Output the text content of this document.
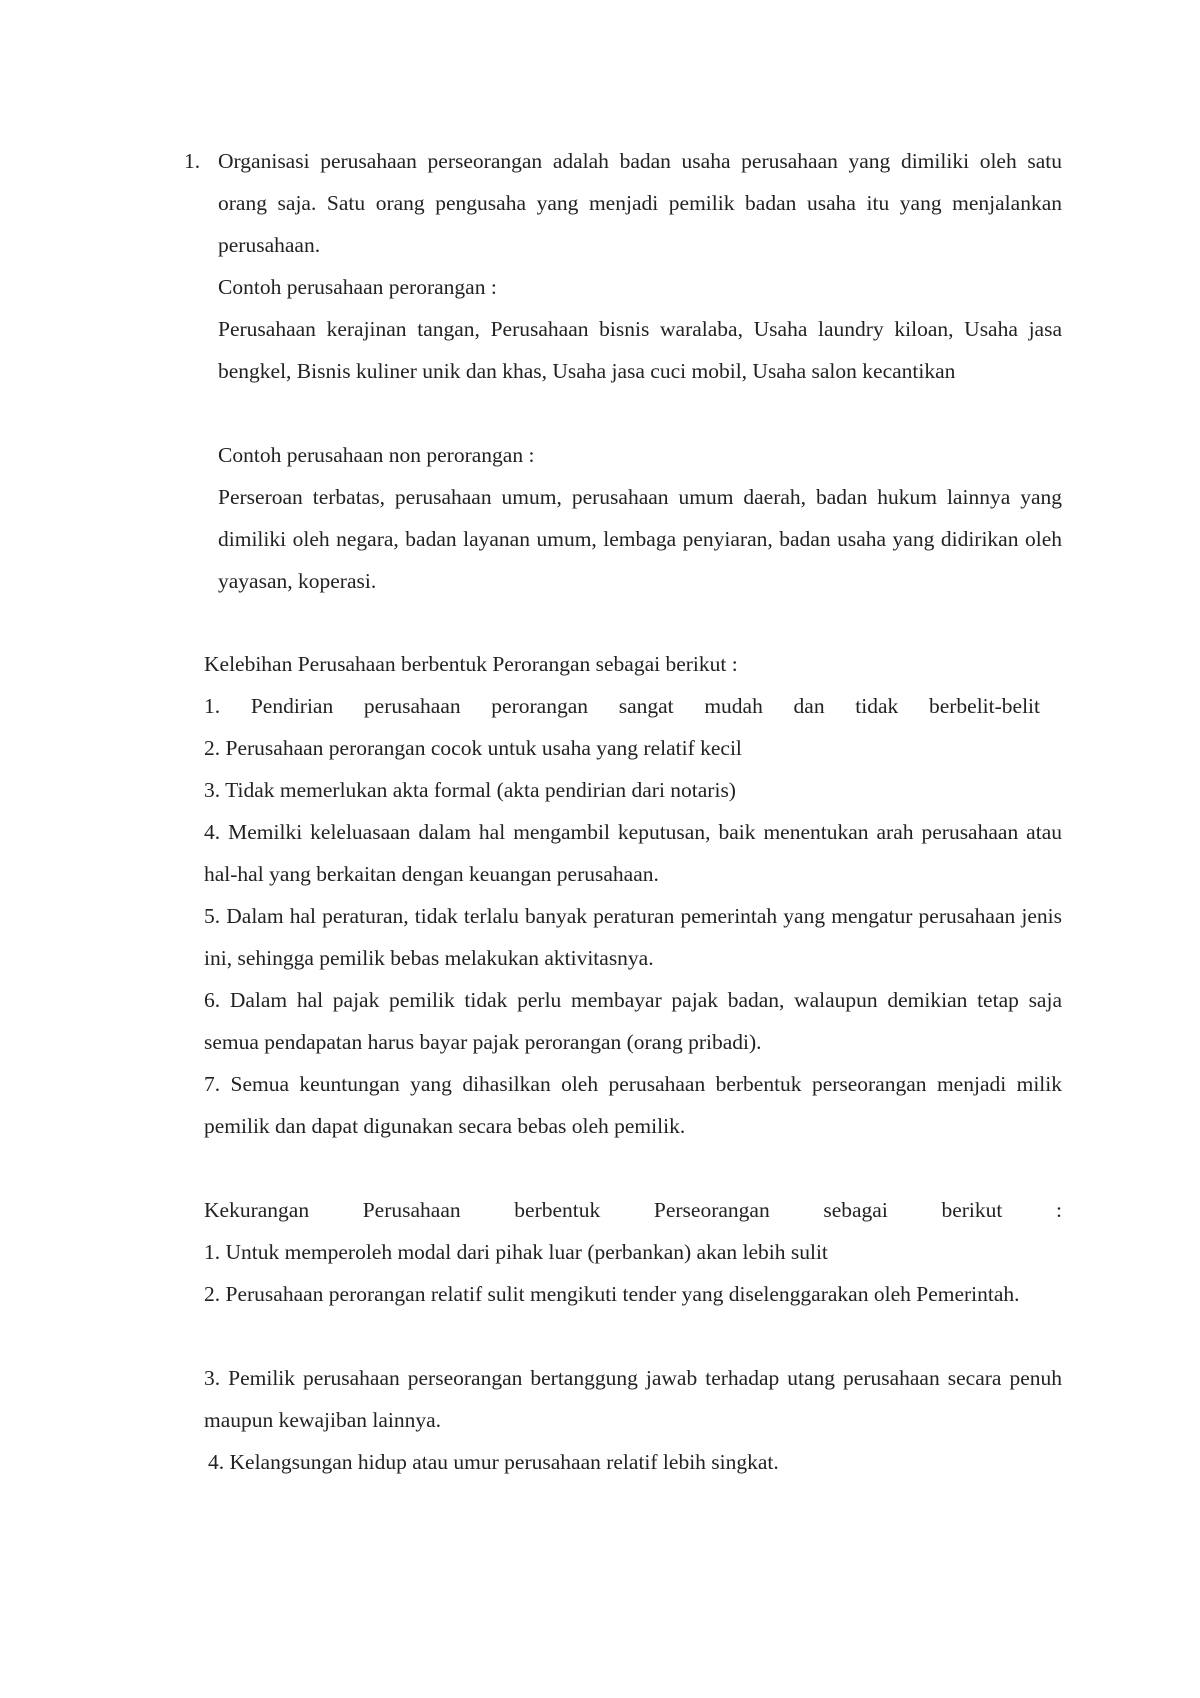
1. Organisasi perusahaan perseorangan adalah badan usaha perusahaan yang dimiliki oleh satu orang saja. Satu orang pengusaha yang menjadi pemilik badan usaha itu yang menjalankan perusahaan.
Contoh perusahaan perorangan :
Perusahaan kerajinan tangan, Perusahaan bisnis waralaba, Usaha laundry kiloan, Usaha jasa bengkel, Bisnis kuliner unik dan khas, Usaha jasa cuci mobil, Usaha salon kecantikan
Contoh perusahaan non perorangan :
Perseroan terbatas, perusahaan umum, perusahaan umum daerah, badan hukum lainnya yang dimiliki oleh negara, badan layanan umum, lembaga penyiaran, badan usaha yang didirikan oleh yayasan, koperasi.
Kelebihan Perusahaan berbentuk Perorangan sebagai berikut :
1. Pendirian perusahaan perorangan sangat mudah dan tidak berbelit-belit
2. Perusahaan perorangan cocok untuk usaha yang relatif kecil
3. Tidak memerlukan akta formal (akta pendirian dari notaris)
4. Memilki keleluasaan dalam hal mengambil keputusan, baik menentukan arah perusahaan atau hal-hal yang berkaitan dengan keuangan perusahaan.
5. Dalam hal peraturan, tidak terlalu banyak peraturan pemerintah yang mengatur perusahaan jenis ini, sehingga pemilik bebas melakukan aktivitasnya.
6. Dalam hal pajak pemilik tidak perlu membayar pajak badan, walaupun demikian tetap saja semua pendapatan harus bayar pajak perorangan (orang pribadi).
7. Semua keuntungan yang dihasilkan oleh perusahaan berbentuk perseorangan menjadi milik pemilik dan dapat digunakan secara bebas oleh pemilik.
Kekurangan Perusahaan berbentuk Perseorangan sebagai berikut :
1. Untuk memperoleh modal dari pihak luar (perbankan) akan lebih sulit
2. Perusahaan perorangan relatif sulit mengikuti tender yang diselenggarakan oleh Pemerintah.
3. Pemilik perusahaan perseorangan bertanggung jawab terhadap utang perusahaan secara penuh maupun kewajiban lainnya.
4. Kelangsungan hidup atau umur perusahaan relatif lebih singkat.
